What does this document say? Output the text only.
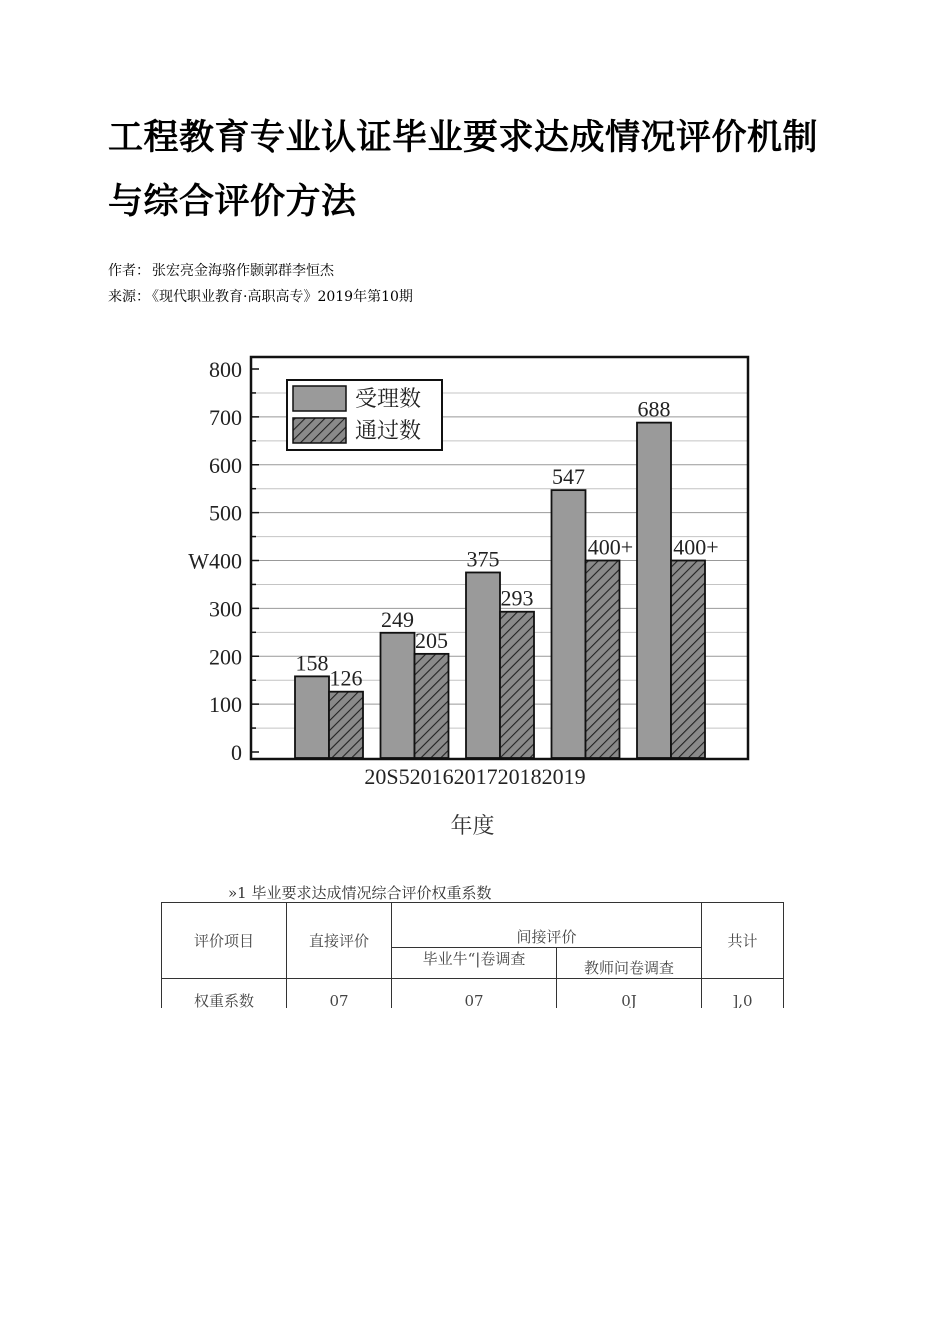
工程教育专业认证毕业要求达成情况评价机制与综合评价方法
作者： 张宏亮金海骆作颢郭群李恒杰
来源： 《现代职业教育·高职高专》2019年第10期
0
100
200
300
W400
500
600
700
800
158
126
249
205
375
293
547
400+
688
400+
受理数
通过数
20S52016201720182019
年度
»1 毕业要求达成情况综合评价权重系数
评价项目	直接评价	间接评价		共计
		毕业牛“|卷调查	教师问卷调查	
权重系数	07	07	0J	],0
